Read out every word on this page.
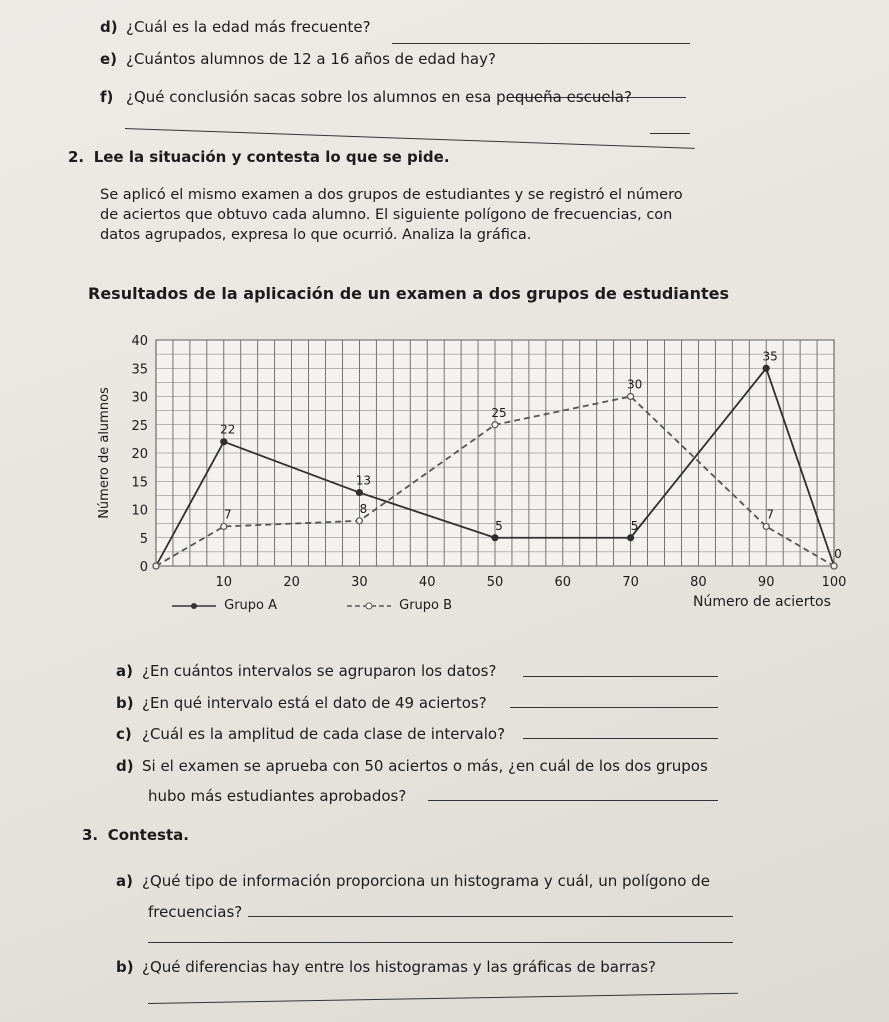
d) ¿Cuál es la edad más frecuente?
e) ¿Cuántos alumnos de 12 a 16 años de edad hay?
f) ¿Qué conclusión sacas sobre los alumnos en esa pequeña escuela?
2. Lee la situación y contesta lo que se pide.
Se aplicó el mismo examen a dos grupos de estudiantes y se registró el número
de aciertos que obtuvo cada alumno. El siguiente polígono de frecuencias, con
datos agrupados, expresa lo que ocurrió. Analiza la gráfica.
Resultados de la aplicación de un examen a dos grupos de estudiantes
0
5
10
15
20
25
30
35
40
10	20	30	40	50	60	70	80	90	100
Número de alumnos	22
13
5	5
35
0
7	8
25
30
7
Grupo A	Grupo B	Número de aciertos
a) ¿En cuántos intervalos se agruparon los datos?
b) ¿En qué intervalo está el dato de 49 aciertos?
c) ¿Cuál es la amplitud de cada clase de intervalo?
d) Si el examen se aprueba con 50 aciertos o más, ¿en cuál de los dos grupos
hubo más estudiantes aprobados?
3. Contesta.
a) ¿Qué tipo de información proporciona un histograma y cuál, un polígono de
frecuencias?
b) ¿Qué diferencias hay entre los histogramas y las gráficas de barras?
